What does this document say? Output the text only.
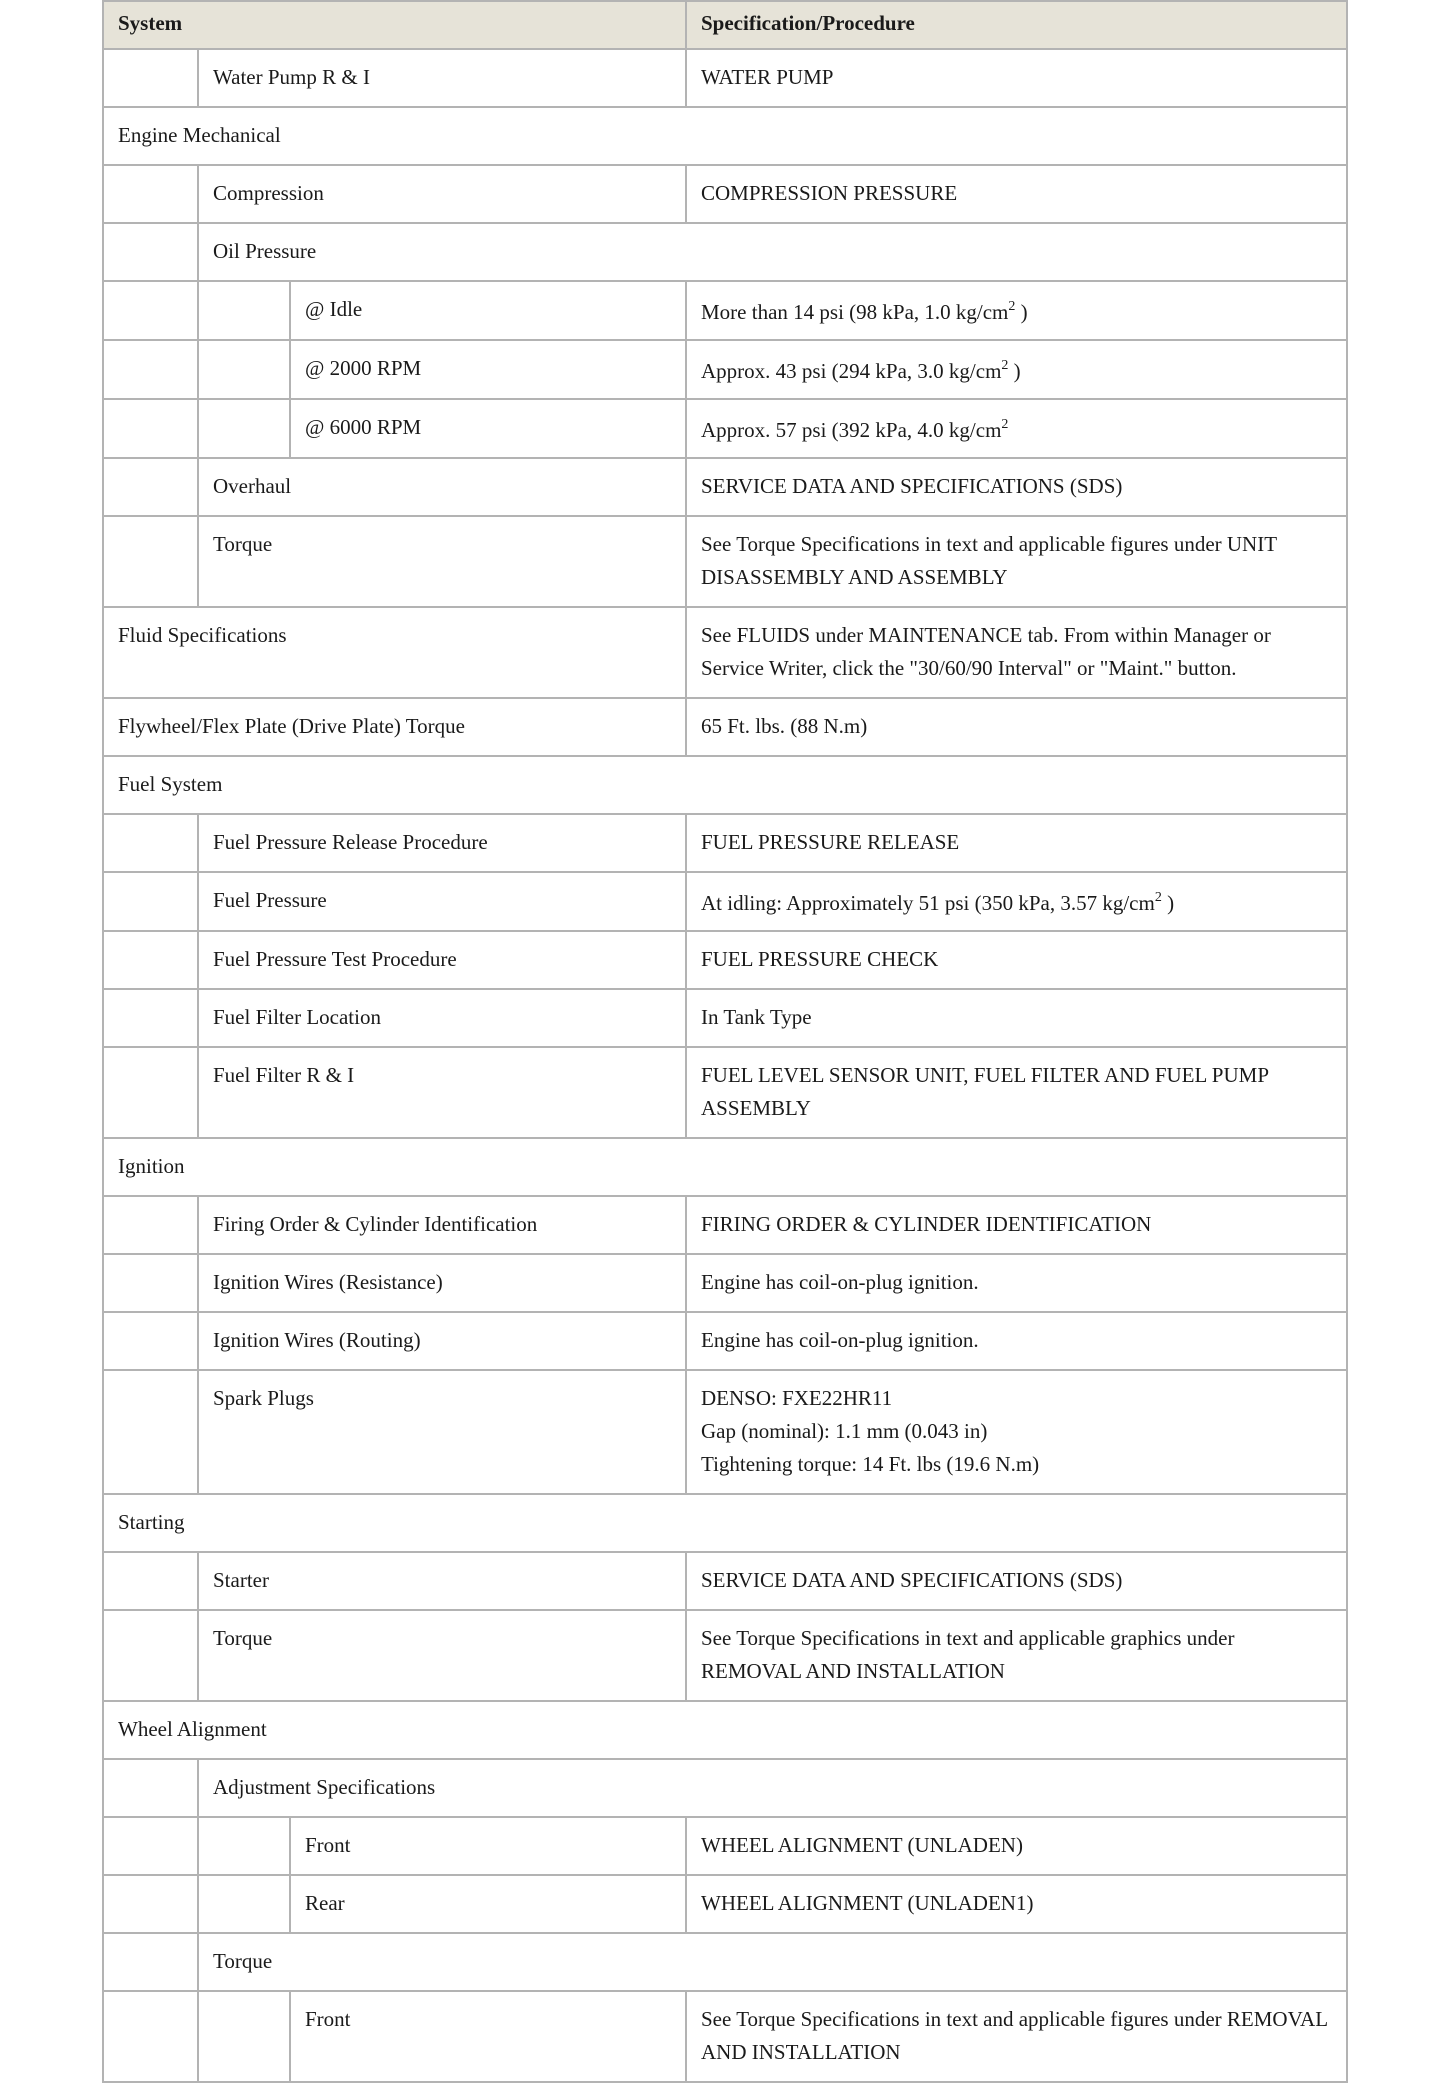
System			Specification/Procedure
	Water Pump R & I		WATER PUMP
Engine Mechanical			
	Compression		COMPRESSION PRESSURE
	Oil Pressure		
		@ Idle	More than 14 psi (98 kPa, 1.0 $kg/cm^2$ )
		@ 2000 RPM	Approx. 43 psi (294 kPa, 3.0 $kg/cm^2$ )
		@ 6000 RPM	Approx. 57 psi (392 kPa, 4.0 $kg/cm^2$
	Overhaul		SERVICE DATA AND SPECIFICATIONS (SDS)
	Torque		See Torque Specifications in text and applicable figures under UNIT DISASSEMBLY AND ASSEMBLY
Fluid Specifications			See FLUIDS under MAINTENANCE tab. From within Manager or Service Writer, click the "30/60/90 Interval" or "Maint." button.
Flywheel/Flex Plate (Drive Plate) Torque			65 Ft. lbs. (88 N.m)
Fuel System			
	Fuel Pressure Release Procedure		FUEL PRESSURE RELEASE
	Fuel Pressure		At idling: Approximately 51 psi (350 kPa, 3.57 $kg/cm^2$ )
	Fuel Pressure Test Procedure		FUEL PRESSURE CHECK
	Fuel Filter Location		In Tank Type
	Fuel Filter R & I		FUEL LEVEL SENSOR UNIT, FUEL FILTER AND FUEL PUMP ASSEMBLY
Ignition			
	Firing Order & Cylinder Identification		FIRING ORDER & CYLINDER IDENTIFICATION
	Ignition Wires (Resistance)		Engine has coil-on-plug ignition.
	Ignition Wires (Routing)		Engine has coil-on-plug ignition.
	Spark Plugs		DENSO: FXE22HR11
Gap (nominal): 1.1 mm (0.043 in)
Tightening torque: 14 Ft. lbs (19.6 N.m)

Starting			
	Starter		SERVICE DATA AND SPECIFICATIONS (SDS)
	Torque		See Torque Specifications in text and applicable graphics under REMOVAL AND INSTALLATION
Wheel Alignment			
	Adjustment Specifications		
		Front	WHEEL ALIGNMENT (UNLADEN)
		Rear	WHEEL ALIGNMENT (UNLADEN1)
	Torque		
		Front	See Torque Specifications in text and applicable figures under REMOVAL AND INSTALLATION
